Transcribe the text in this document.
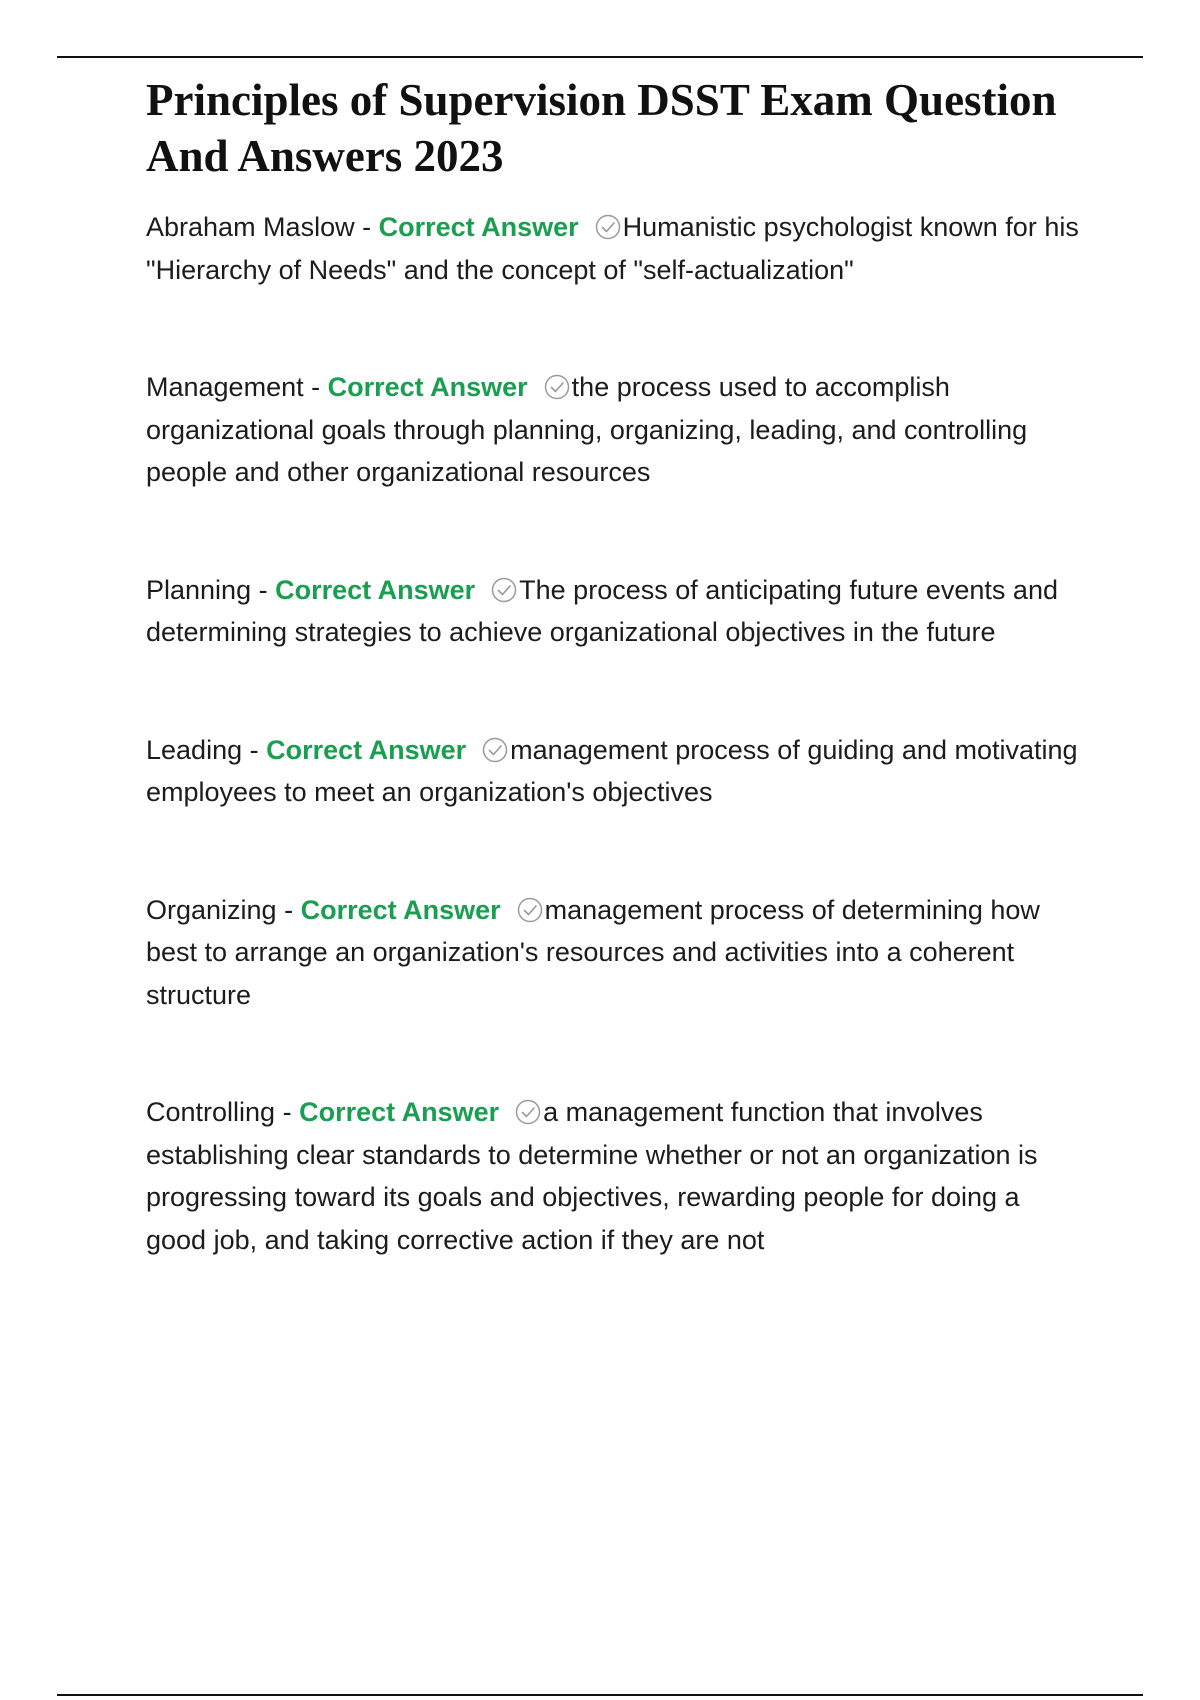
Principles of Supervision DSST Exam Question And Answers 2023

Abraham Maslow - Correct Answer Humanistic psychologist known for his "Hierarchy of Needs" and the concept of "self-actualization"

Management - Correct Answer the process used to accomplish organizational goals through planning, organizing, leading, and controlling people and other organizational resources

Planning - Correct Answer The process of anticipating future events and determining strategies to achieve organizational objectives in the future

Leading - Correct Answer management process of guiding and motivating employees to meet an organization's objectives

Organizing - Correct Answer management process of determining how best to arrange an organization's resources and activities into a coherent structure

Controlling - Correct Answer a management function that involves establishing clear standards to determine whether or not an organization is progressing toward its goals and objectives, rewarding people for doing a good job, and taking corrective action if they are not
